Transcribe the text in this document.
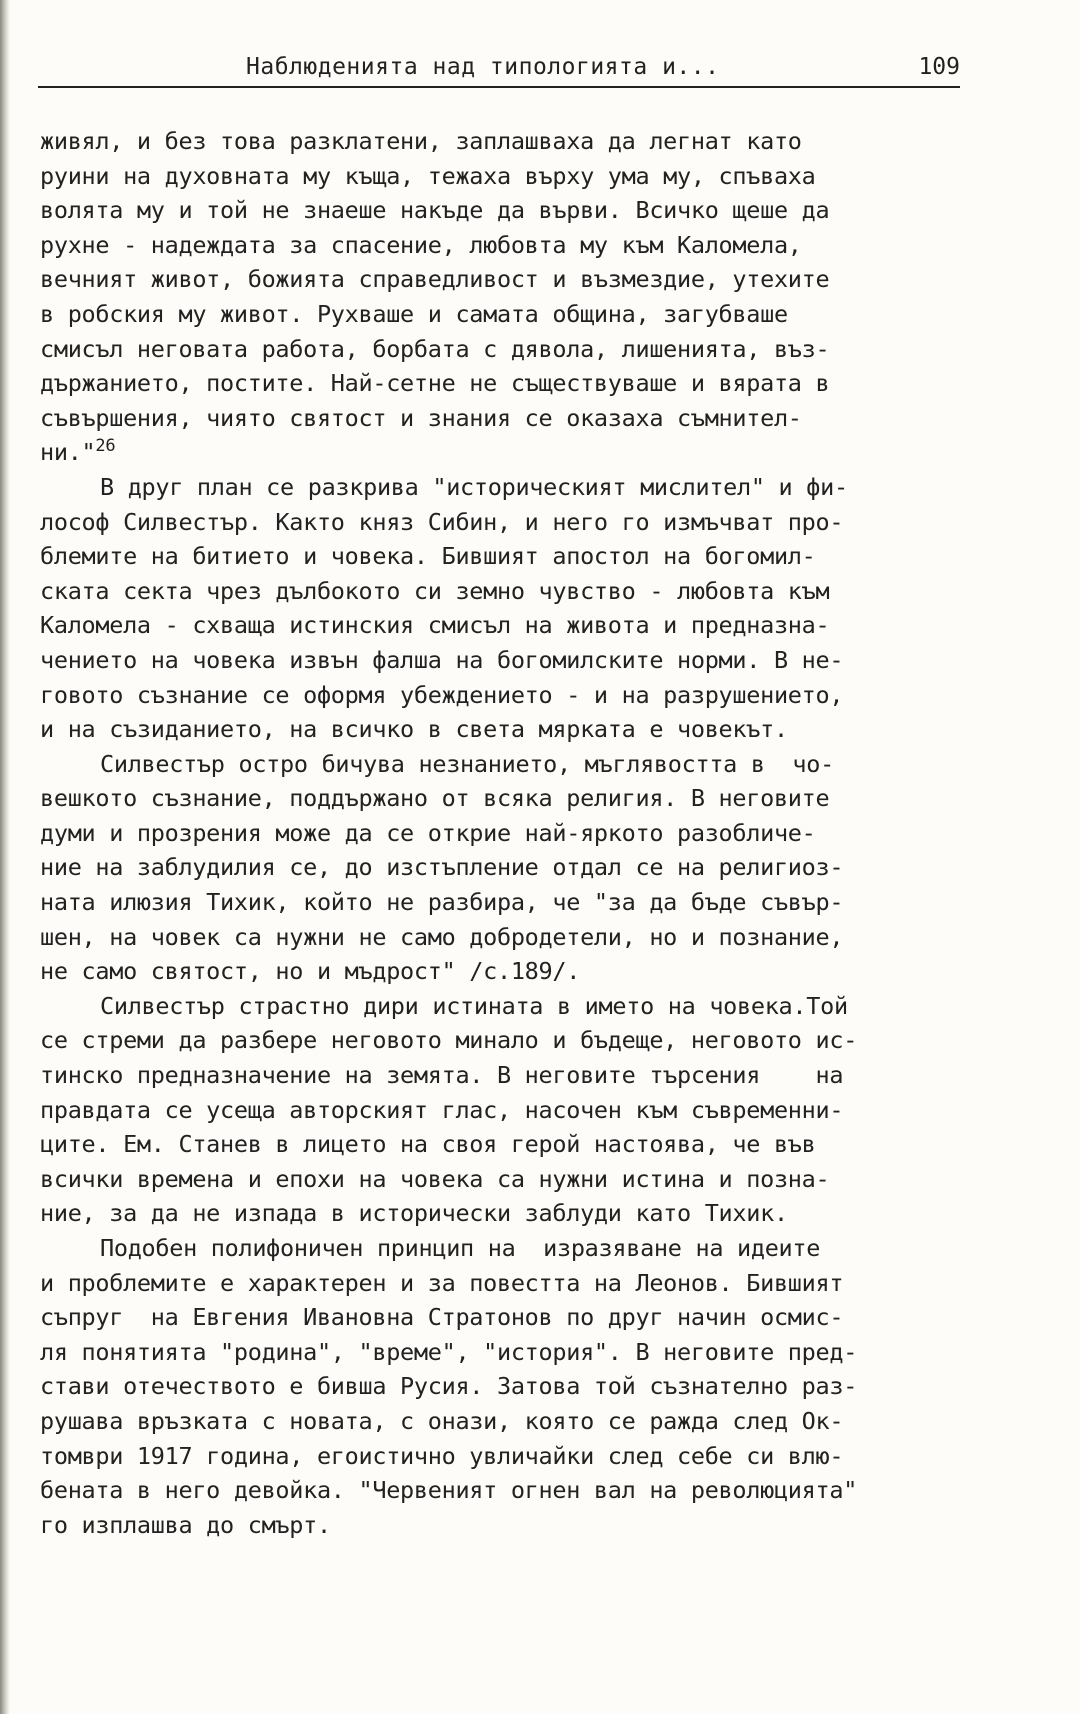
Наблюденията над типологията и...	109
живял, и без това разклатени, заплашваха да легнат като
руини на духовната му къща, тежаха върху ума му, спъваха
волята му и той не знаеше накъде да върви. Всичко щеше да
рухне - надеждата за спасение, любовта му към Каломела,
вечният живот, божията справедливост и възмездие, утехите
в робския му живот. Рухваше и самата община, загубваше
смисъл неговата работа, борбата с дявола, лишенията, въз-
държанието, постите. Най-сетне не съществуваше и вярата в
съвършения, чиято святост и знания се оказаха съмнител-
ни."$^{26}$
В друг план се разкрива "историческият мислител" и фи-
лософ Силвестър. Както княз Сибин, и него го измъчват про-
блемите на битието и човека. Бившият апостол на богомил-
ската секта чрез дълбокото си земно чувство - любовта към
Каломела - схваща истинския смисъл на живота и предназна-
чението на човека извън фалша на богомилските норми. В не-
говото съзнание се оформя убеждението - и на разрушението,
и на съзиданието, на всичко в света мярката е човекът.
Силвестър остро бичува незнанието, мъглявостта в  чо-
вешкото съзнание, поддържано от всяка религия. В неговите
думи и прозрения може да се открие най-яркото разобличе-
ние на заблудилия се, до изстъпление отдал се на религиоз-
ната илюзия Тихик, който не разбира, че "за да бъде съвър-
шен, на човек са нужни не само добродетели, но и познание,
не само святост, но и мъдрост" /с.189/.
Силвестър страстно дири истината в името на човека.Той
се стреми да разбере неговото минало и бъдеще, неговото ис-
тинско предназначение на земята. В неговите търсения    на
правдата се усеща авторският глас, насочен към съвременни-
ците. Ем. Станев в лицето на своя герой настоява, че във
всички времена и епохи на човека са нужни истина и позна-
ние, за да не изпада в исторически заблуди като Тихик.
Подобен полифоничен принцип на  изразяване на идеите
и проблемите е характерен и за повестта на Леонов. Бившият
съпруг  на Евгения Ивановна Стратонов по друг начин осмис-
ля понятията "родина", "време", "история". В неговите пред-
стави отечеството е бивша Русия. Затова той съзнателно раз-
рушава връзката с новата, с онази, която се ражда след Ок-
томври 1917 година, егоистично увличайки след себе си влю-
бената в него девойка. "Червеният огнен вал на революцията"
го изплашва до смърт.
